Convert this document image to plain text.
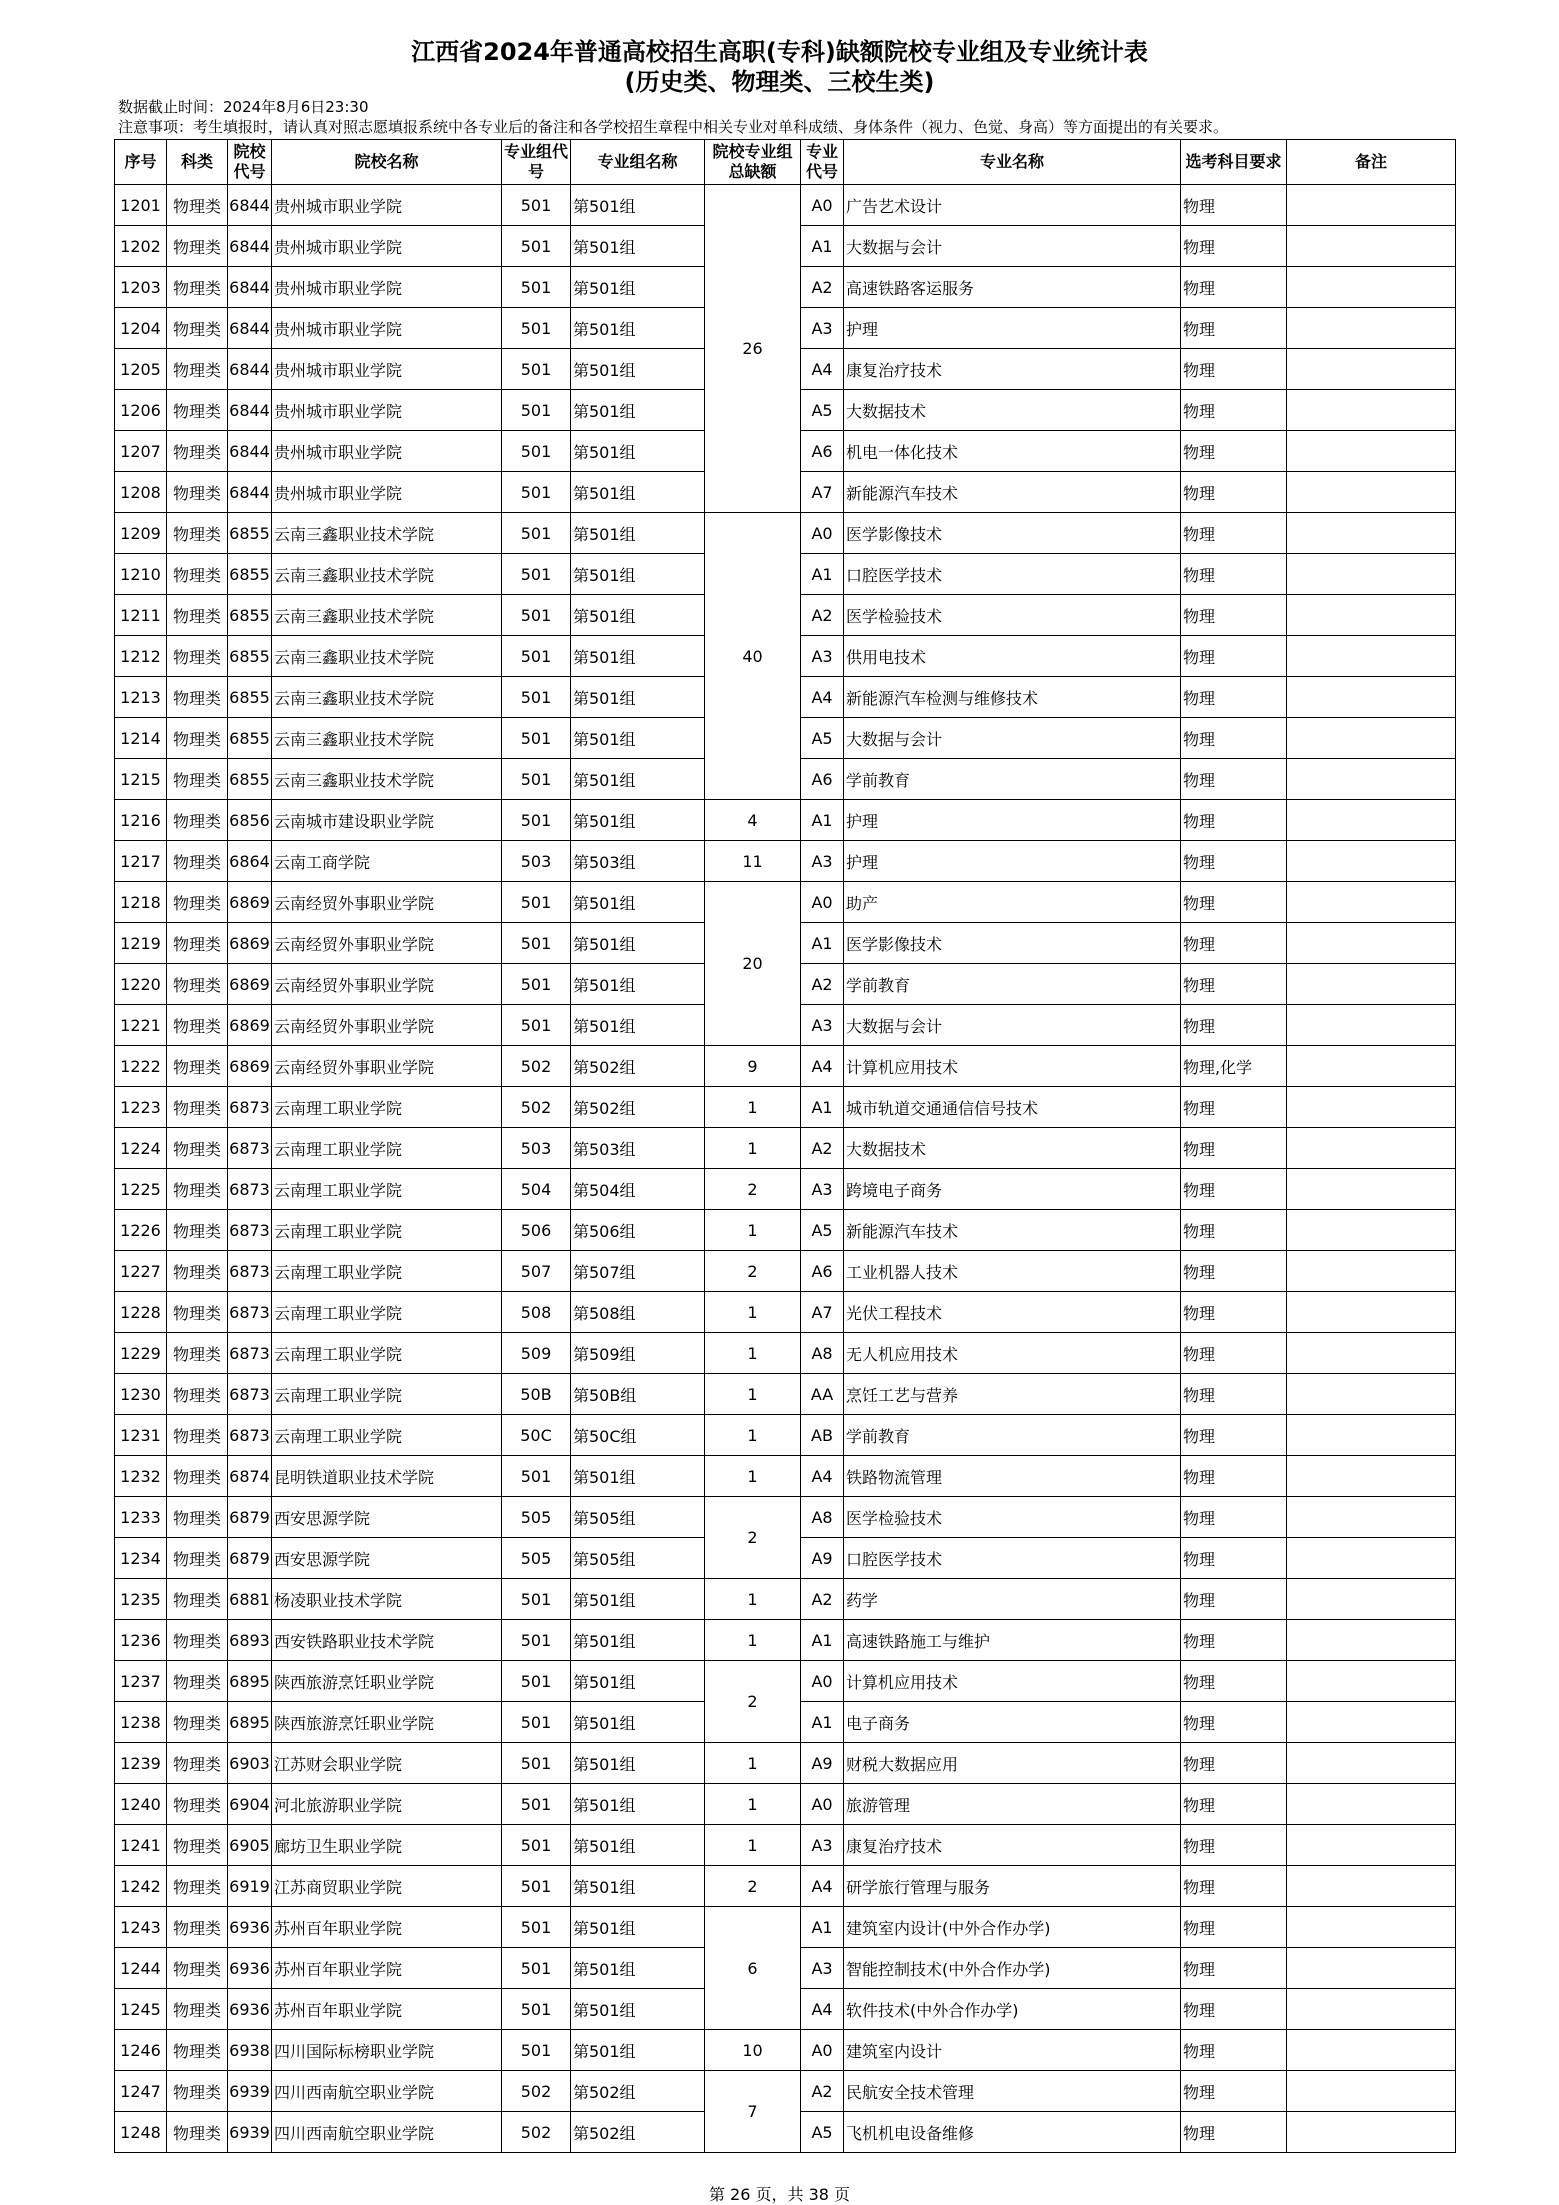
江西省2024年普通高校招生高职(专科)缺额院校专业组及专业统计表
(历史类、物理类、三校生类)
数据截止时间：2024年8月6日23:30
注意事项：考生填报时，请认真对照志愿填报系统中各专业后的备注和各学校招生章程中相关专业对单科成绩、身体条件（视力、色觉、身高）等方面提出的有关要求。
序号	科类	院校代号	院校名称	专业组代号	专业组名称	院校专业组总缺额	专业代号	专业名称	选考科目要求	备注
1201	物理类	6844	贵州城市职业学院	501	第501组	26	A0	广告艺术设计	物理	
1202	物理类	6844	贵州城市职业学院	501	第501组		A1	大数据与会计	物理	
1203	物理类	6844	贵州城市职业学院	501	第501组		A2	高速铁路客运服务	物理	
1204	物理类	6844	贵州城市职业学院	501	第501组		A3	护理	物理	
1205	物理类	6844	贵州城市职业学院	501	第501组		A4	康复治疗技术	物理	
1206	物理类	6844	贵州城市职业学院	501	第501组		A5	大数据技术	物理	
1207	物理类	6844	贵州城市职业学院	501	第501组		A6	机电一体化技术	物理	
1208	物理类	6844	贵州城市职业学院	501	第501组		A7	新能源汽车技术	物理	
1209	物理类	6855	云南三鑫职业技术学院	501	第501组	40	A0	医学影像技术	物理	
1210	物理类	6855	云南三鑫职业技术学院	501	第501组		A1	口腔医学技术	物理	
1211	物理类	6855	云南三鑫职业技术学院	501	第501组		A2	医学检验技术	物理	
1212	物理类	6855	云南三鑫职业技术学院	501	第501组		A3	供用电技术	物理	
1213	物理类	6855	云南三鑫职业技术学院	501	第501组		A4	新能源汽车检测与维修技术	物理	
1214	物理类	6855	云南三鑫职业技术学院	501	第501组		A5	大数据与会计	物理	
1215	物理类	6855	云南三鑫职业技术学院	501	第501组		A6	学前教育	物理	
1216	物理类	6856	云南城市建设职业学院	501	第501组	4	A1	护理	物理	
1217	物理类	6864	云南工商学院	503	第503组	11	A3	护理	物理	
1218	物理类	6869	云南经贸外事职业学院	501	第501组	20	A0	助产	物理	
1219	物理类	6869	云南经贸外事职业学院	501	第501组		A1	医学影像技术	物理	
1220	物理类	6869	云南经贸外事职业学院	501	第501组		A2	学前教育	物理	
1221	物理类	6869	云南经贸外事职业学院	501	第501组		A3	大数据与会计	物理	
1222	物理类	6869	云南经贸外事职业学院	502	第502组	9	A4	计算机应用技术	物理,化学	
1223	物理类	6873	云南理工职业学院	502	第502组	1	A1	城市轨道交通通信信号技术	物理	
1224	物理类	6873	云南理工职业学院	503	第503组	1	A2	大数据技术	物理	
1225	物理类	6873	云南理工职业学院	504	第504组	2	A3	跨境电子商务	物理	
1226	物理类	6873	云南理工职业学院	506	第506组	1	A5	新能源汽车技术	物理	
1227	物理类	6873	云南理工职业学院	507	第507组	2	A6	工业机器人技术	物理	
1228	物理类	6873	云南理工职业学院	508	第508组	1	A7	光伏工程技术	物理	
1229	物理类	6873	云南理工职业学院	509	第509组	1	A8	无人机应用技术	物理	
1230	物理类	6873	云南理工职业学院	50B	第50B组	1	AA	烹饪工艺与营养	物理	
1231	物理类	6873	云南理工职业学院	50C	第50C组	1	AB	学前教育	物理	
1232	物理类	6874	昆明铁道职业技术学院	501	第501组	1	A4	铁路物流管理	物理	
1233	物理类	6879	西安思源学院	505	第505组	2	A8	医学检验技术	物理	
1234	物理类	6879	西安思源学院	505	第505组		A9	口腔医学技术	物理	
1235	物理类	6881	杨凌职业技术学院	501	第501组	1	A2	药学	物理	
1236	物理类	6893	西安铁路职业技术学院	501	第501组	1	A1	高速铁路施工与维护	物理	
1237	物理类	6895	陕西旅游烹饪职业学院	501	第501组	2	A0	计算机应用技术	物理	
1238	物理类	6895	陕西旅游烹饪职业学院	501	第501组		A1	电子商务	物理	
1239	物理类	6903	江苏财会职业学院	501	第501组	1	A9	财税大数据应用	物理	
1240	物理类	6904	河北旅游职业学院	501	第501组	1	A0	旅游管理	物理	
1241	物理类	6905	廊坊卫生职业学院	501	第501组	1	A3	康复治疗技术	物理	
1242	物理类	6919	江苏商贸职业学院	501	第501组	2	A4	研学旅行管理与服务	物理	
1243	物理类	6936	苏州百年职业学院	501	第501组	6	A1	建筑室内设计(中外合作办学)	物理	
1244	物理类	6936	苏州百年职业学院	501	第501组		A3	智能控制技术(中外合作办学)	物理	
1245	物理类	6936	苏州百年职业学院	501	第501组		A4	软件技术(中外合作办学)	物理	
1246	物理类	6938	四川国际标榜职业学院	501	第501组	10	A0	建筑室内设计	物理	
1247	物理类	6939	四川西南航空职业学院	502	第502组	7	A2	民航安全技术管理	物理	
1248	物理类	6939	四川西南航空职业学院	502	第502组		A5	飞机机电设备维修	物理	
第 26 页，共 38 页
